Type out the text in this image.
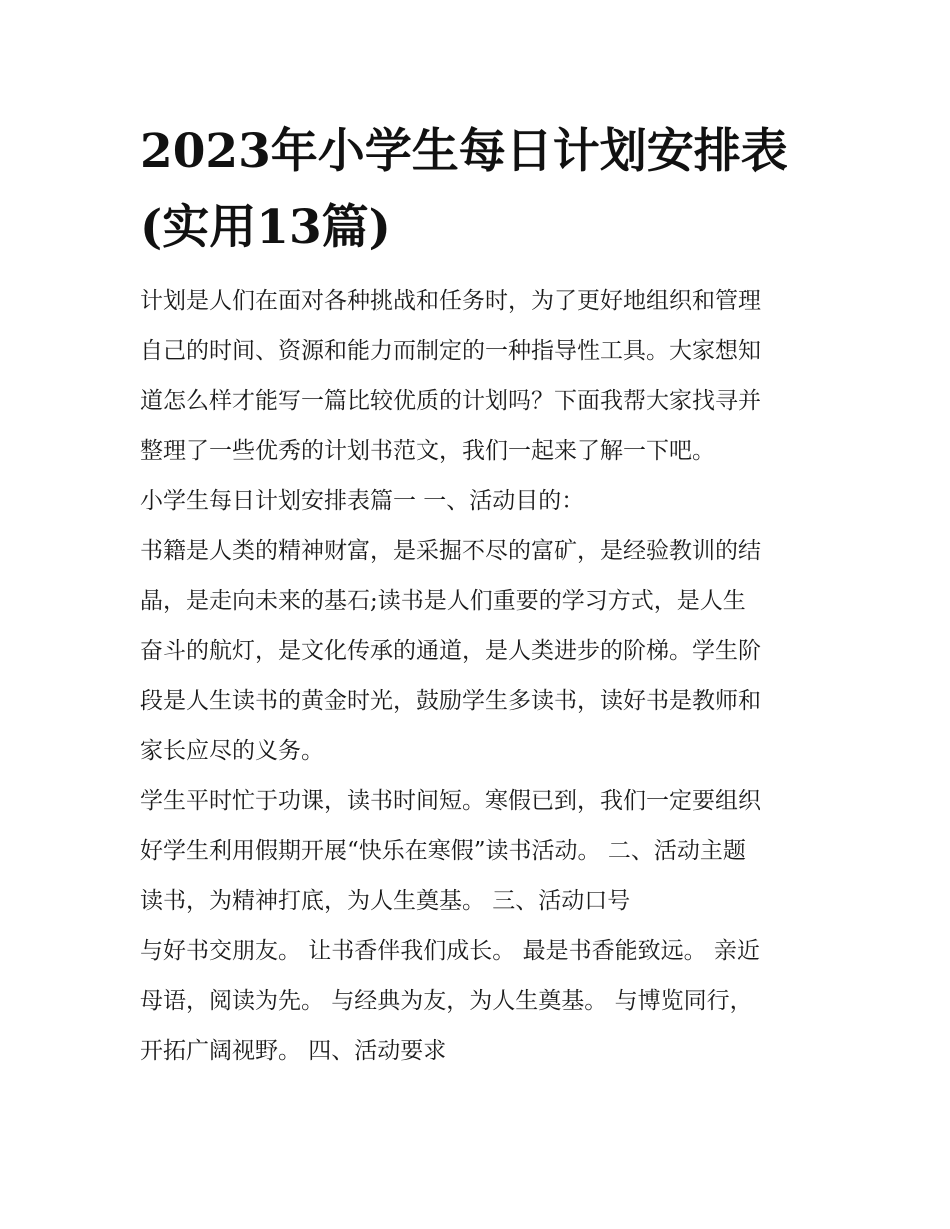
2023年小学生每日计划安排表
(实用13篇)
计划是人们在面对各种挑战和任务时，为了更好地组织和管理
自己的时间、资源和能力而制定的一种指导性工具。大家想知
道怎么样才能写一篇比较优质的计划吗？下面我帮大家找寻并
整理了一些优秀的计划书范文，我们一起来了解一下吧。
小学生每日计划安排表篇一 一、活动目的：
书籍是人类的精神财富，是采掘不尽的富矿，是经验教训的结
晶，是走向未来的基石;读书是人们重要的学习方式，是人生
奋斗的航灯，是文化传承的通道，是人类进步的阶梯。学生阶
段是人生读书的黄金时光，鼓励学生多读书，读好书是教师和
家长应尽的义务。
学生平时忙于功课，读书时间短。寒假已到，我们一定要组织
好学生利用假期开展“快乐在寒假”读书活动。 二、活动主题
读书，为精神打底，为人生奠基。 三、活动口号
与好书交朋友。 让书香伴我们成长。 最是书香能致远。 亲近
母语，阅读为先。 与经典为友，为人生奠基。 与博览同行，
开拓广阔视野。 四、活动要求
